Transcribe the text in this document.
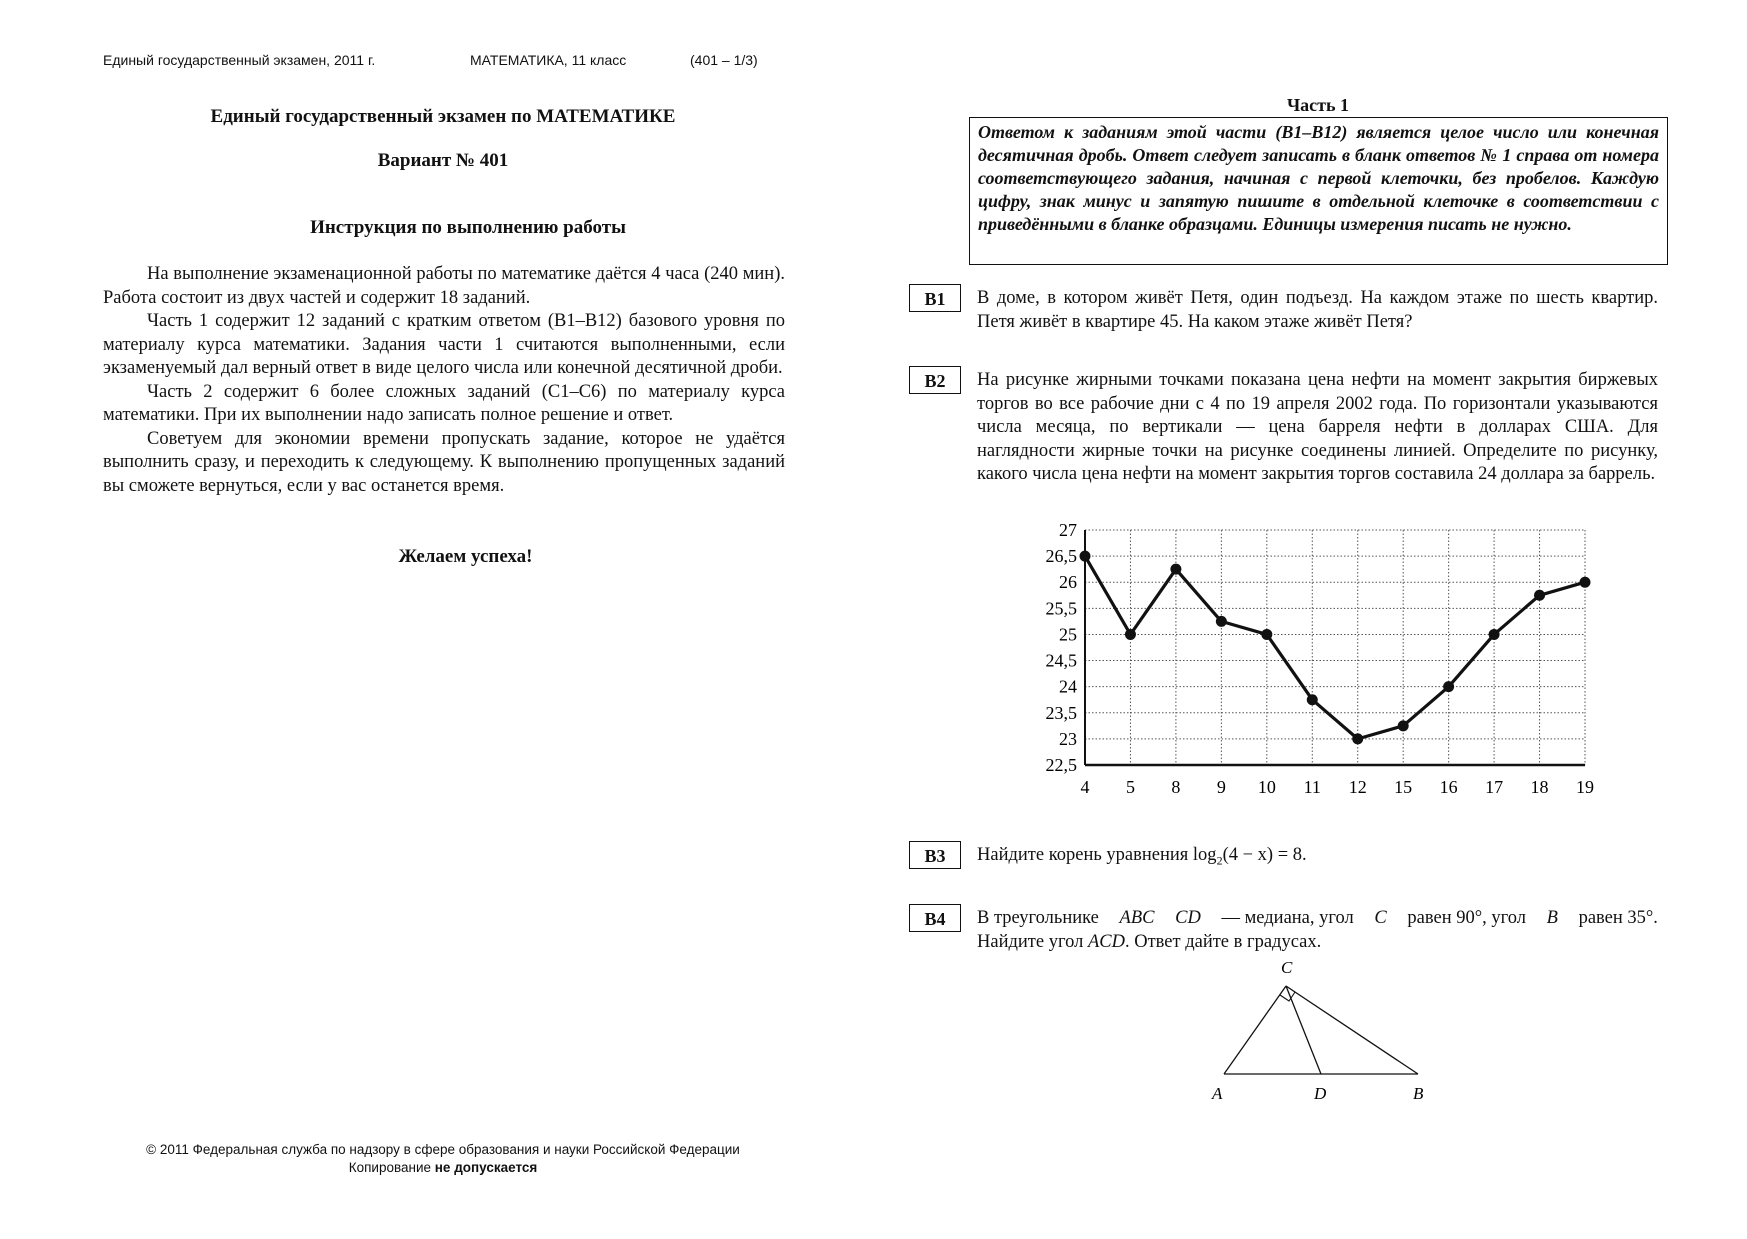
Единый государственный экзамен, 2011 г.	МАТЕМАТИКА, 11 класс	(401 – 1/3)
Единый государственный экзамен по МАТЕМАТИКЕ
Вариант № 401
Инструкция по выполнению работы

На выполнение экзаменационной работы по математике даётся 4 часа (240 мин). Работа состоит из двух частей и содержит 18 заданий.

Часть 1 содержит 12 заданий с кратким ответом (B1–B12) базового уровня по материалу курса математики. Задания части 1 считаются выполненными, если экзаменуемый дал верный ответ в виде целого числа или конечной десятичной дроби.

Часть 2 содержит 6 более сложных заданий (C1–C6) по материалу курса математики. При их выполнении надо записать полное решение и ответ.

Советуем для экономии времени пропускать задание, которое не удаётся выполнить сразу, и переходить к следующему. К выполнению пропущенных заданий вы сможете вернуться, если у вас останется время.

Желаем успеха!
© 2011 Федеральная служба по надзору в сфере образования и науки Российской Федерации
Копирование не допускается
Часть 1
Ответом к заданиям этой части (B1–B12) является целое число или конечная десятичная дробь. Ответ следует записать в бланк ответов № 1 справа от номера соответствующего задания, начиная с первой клеточки, без пробелов. Каждую цифру, знак минус и запятую пишите в отдельной клеточке в соответствии с приведёнными в бланке образцами. Единицы измерения писать не нужно.
B1	В доме, в котором живёт Петя, один подъезд. На каждом этаже по шесть квартир. Петя живёт в квартире 45. На каком этаже живёт Петя?
B2	На рисунке жирными точками показана цена нефти на момент закрытия биржевых торгов во все рабочие дни с 4 по 19 апреля 2002 года. По горизонтали указываются числа месяца, по вертикали — цена барреля нефти в долларах США. Для наглядности жирные точки на рисунке соединены линией. Определите по рисунку, какого числа цена нефти на момент закрытия торгов составила 24 доллара за баррель.
22,5
23
23,5
24
24,5
25
25,5
26
26,5
27
4 5 8 9 10 11 12 15 16 17 18 19
B3	Найдите корень уравнения $\log_2(4 - x) = 8$.
B4	В треугольнике ABC CD — медиана, угол C равен 90°, угол B равен 35°.
Найдите угол ACD. Ответ дайте в градусах.
C
A	D	B
